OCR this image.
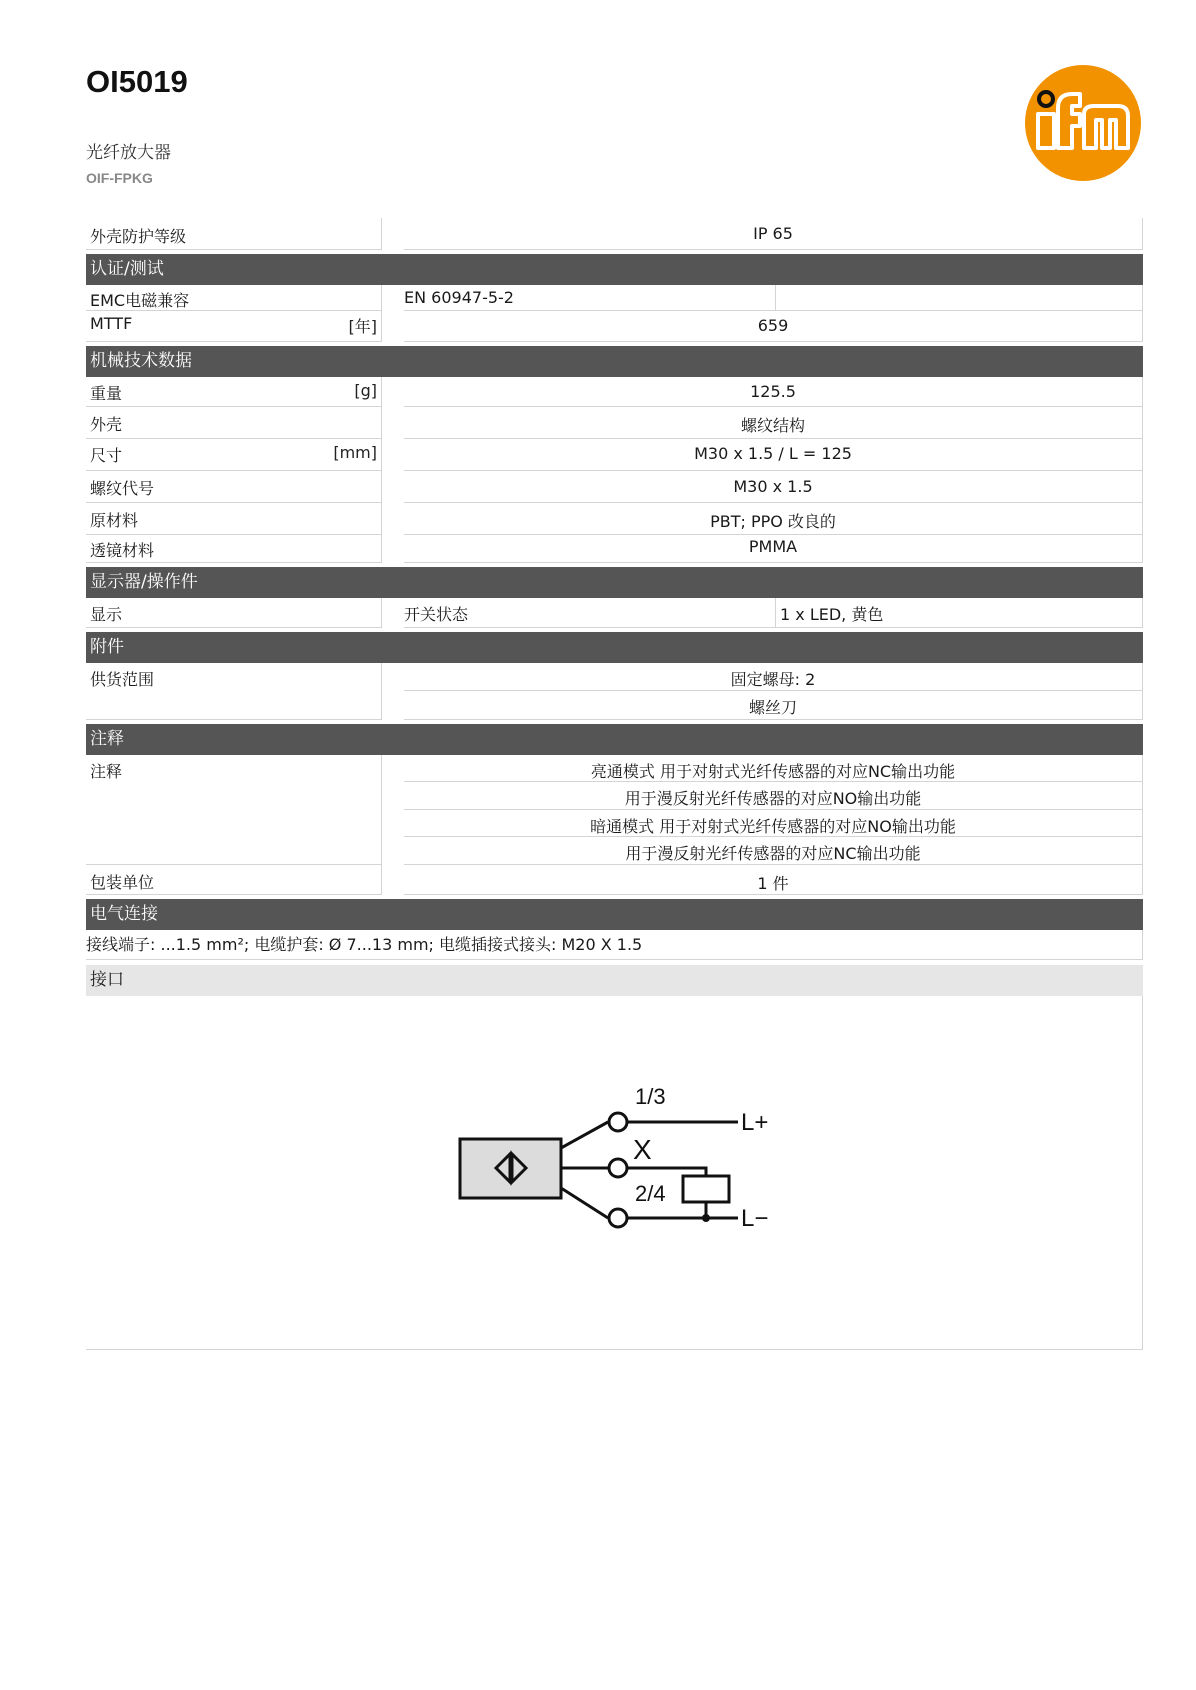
OI5019
光纤放大器
OIF-FPKG	ifm
外壳防护等级	IP 65
认证/测试
EMC电磁兼容	EN 60947-5-2
MTTF	[年]	659
机械技术数据
重量	[g]	125.5
外壳	螺纹结构
尺寸	[mm]	M30 x 1.5 / L = 125
螺纹代号	M30 x 1.5
原材料	PBT; PPO 改良的
透镜材料	PMMA
显示器/操作件
显示	开关状态	1 x LED, 黄色
附件
供货范围	固定螺母: 2
螺丝刀
注释
注释	亮通模式 用于对射式光纤传感器的对应NC输出功能
用于漫反射光纤传感器的对应NO输出功能
暗通模式 用于对射式光纤传感器的对应NO输出功能
用于漫反射光纤传感器的对应NC输出功能
包装单位	1 件
电气连接
接线端子: ...1.5 mm²; 电缆护套: Ø 7...13 mm; 电缆插接式接头: M20 X 1.5
接口
1/3
X
2/4
L+
L−
